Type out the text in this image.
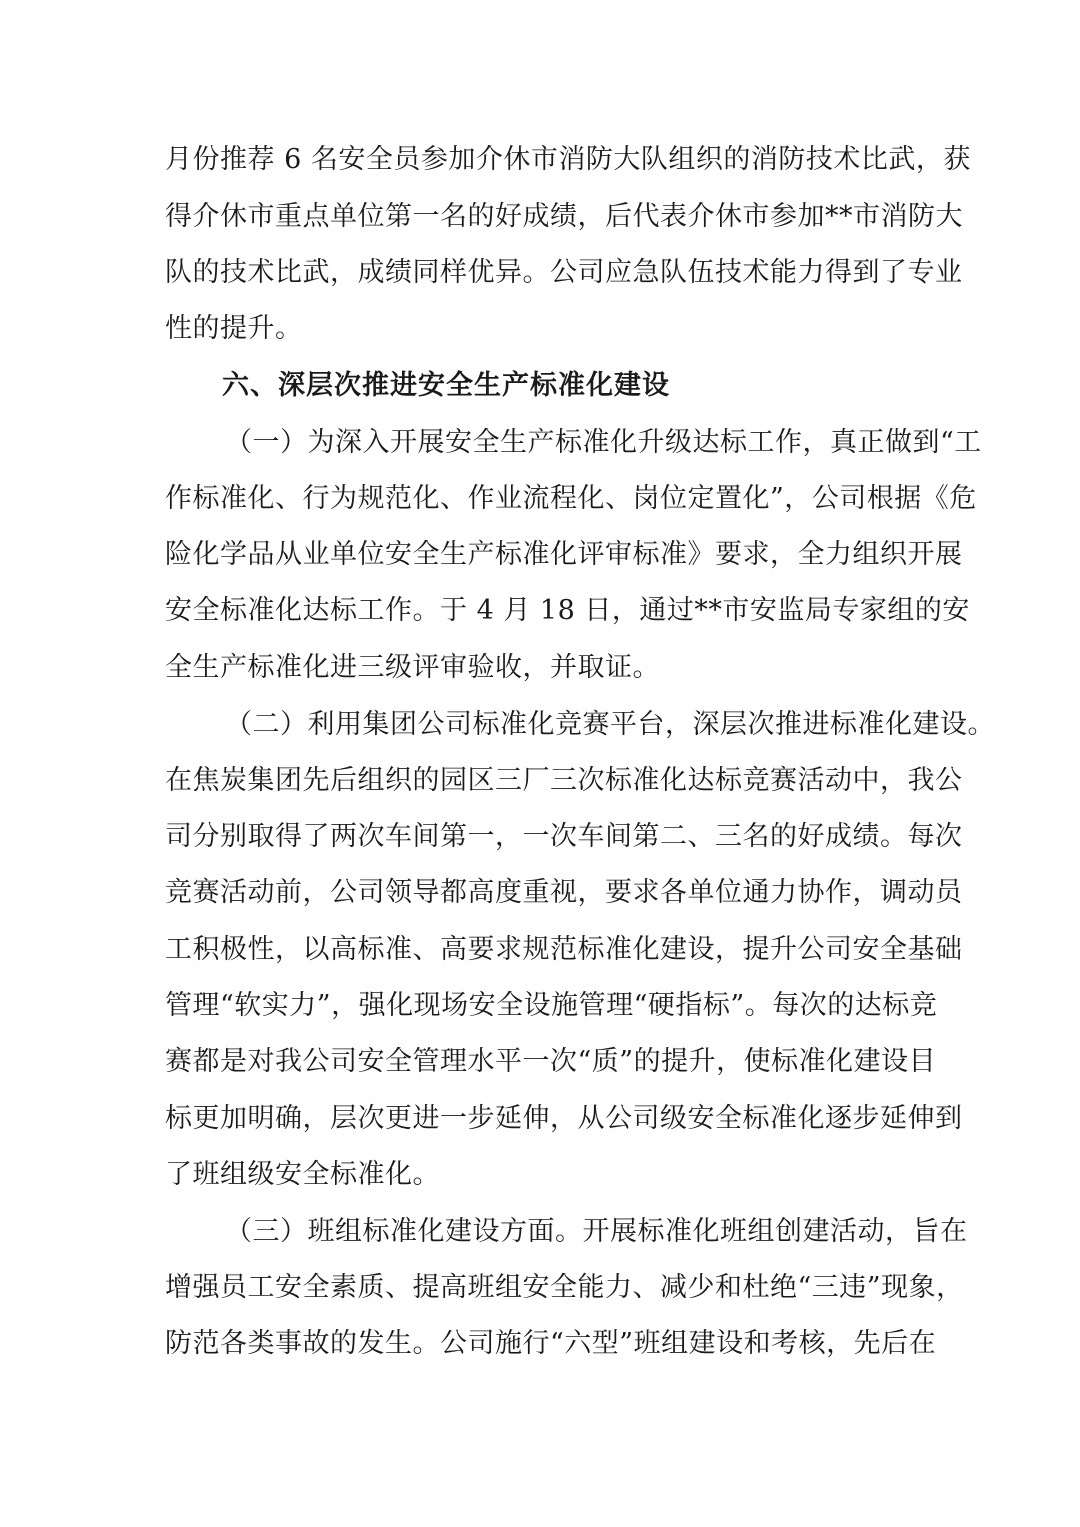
月份推荐 6 名安全员参加介休市消防大队组织的消防技术比武，获
得介休市重点单位第一名的好成绩，后代表介休市参加**市消防大
队的技术比武，成绩同样优异。公司应急队伍技术能力得到了专业
性的提升。
六、深层次推进安全生产标准化建设
（一）为深入开展安全生产标准化升级达标工作，真正做到“工
作标准化、行为规范化、作业流程化、岗位定置化”，公司根据《危
险化学品从业单位安全生产标准化评审标准》要求，全力组织开展
安全标准化达标工作。于 4 月 18 日，通过**市安监局专家组的安
全生产标准化进三级评审验收，并取证。
（二）利用集团公司标准化竞赛平台，深层次推进标准化建设。
在焦炭集团先后组织的园区三厂三次标准化达标竞赛活动中，我公
司分别取得了两次车间第一，一次车间第二、三名的好成绩。每次
竞赛活动前，公司领导都高度重视，要求各单位通力协作，调动员
工积极性，以高标准、高要求规范标准化建设，提升公司安全基础
管理“软实力”，强化现场安全设施管理“硬指标”。每次的达标竞
赛都是对我公司安全管理水平一次“质”的提升，使标准化建设目
标更加明确，层次更进一步延伸，从公司级安全标准化逐步延伸到
了班组级安全标准化。
（三）班组标准化建设方面。开展标准化班组创建活动，旨在
增强员工安全素质、提高班组安全能力、减少和杜绝“三违”现象，
防范各类事故的发生。公司施行“六型”班组建设和考核，先后在
